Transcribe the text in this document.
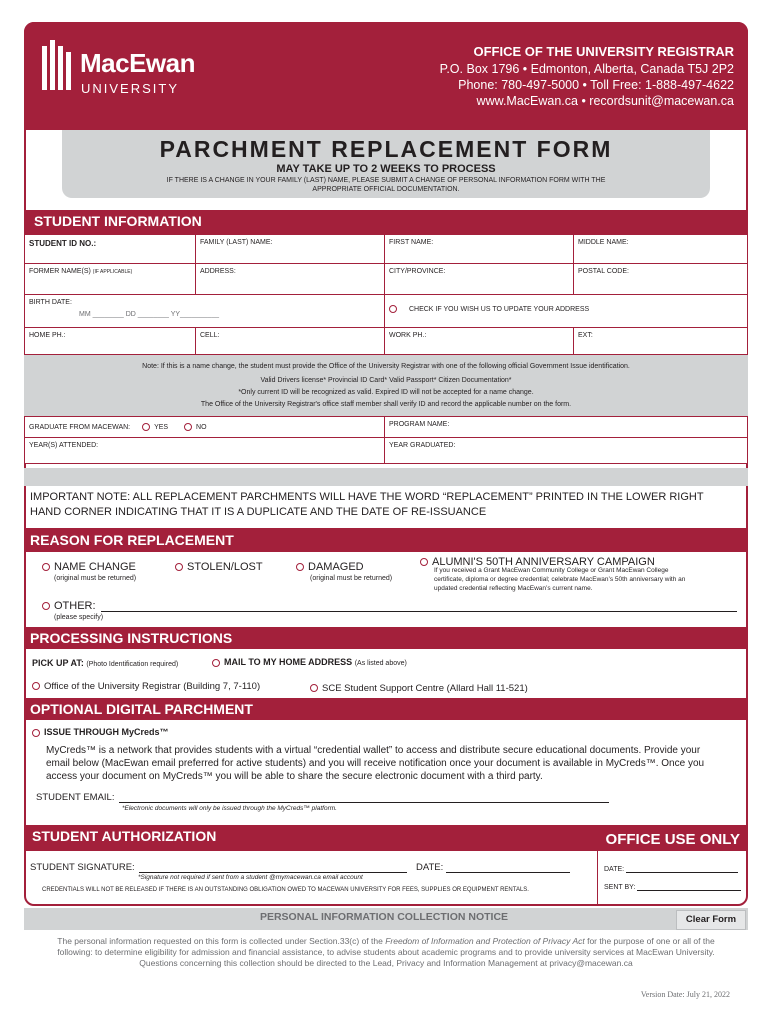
MacEwan
UNIVERSITY
OFFICE OF THE UNIVERSITY REGISTRAR
P.O. Box 1796 • Edmonton, Alberta, Canada T5J 2P2
Phone: 780-497-5000 • Toll Free: 1-888-497-4622
www.MacEwan.ca • recordsunit@macewan.ca
PARCHMENT REPLACEMENT FORM
MAY TAKE UP TO 2 WEEKS TO PROCESS
IF THERE IS A CHANGE IN YOUR FAMILY (LAST) NAME, PLEASE SUBMIT A CHANGE OF PERSONAL INFORMATION FORM WITH THE
APPROPRIATE OFFICIAL DOCUMENTATION.
STUDENT INFORMATION
STUDENT ID NO.:	FAMILY (LAST) NAME:	FIRST NAME:	MIDDLE NAME:
FORMER NAME(S) (IF APPLICABLE)	ADDRESS:	CITY/PROVINCE:	POSTAL CODE:
BIRTH DATE:
MM ________ DD ________ YY__________
CHECK IF YOU WISH US TO UPDATE YOUR ADDRESS
HOME PH.:	CELL:	WORK PH.:	EXT:
Note: If this is a name change, the student must provide the Office of the University Registrar with one of the following official Government Issue identification.
Valid Drivers license* Provincial ID Card* Valid Passport* Citizen Documentation*
*Only current ID will be recognized as valid. Expired ID will not be accepted for a name change.
The Office of the University Registrar's office staff member shall verify ID and record the applicable number on the form.
GRADUATE FROM MACEWAN:	YES	NO	PROGRAM NAME:
YEAR(S) ATTENDED:	YEAR GRADUATED:
IMPORTANT NOTE: ALL REPLACEMENT PARCHMENTS WILL HAVE THE WORD “REPLACEMENT” PRINTED IN THE LOWER RIGHT
HAND CORNER INDICATING THAT IT IS A DUPLICATE AND THE DATE OF RE-ISSUANCE
REASON FOR REPLACEMENT
NAME CHANGE
(original must be returned)
STOLEN/LOST	DAMAGED
(original must be returned)
ALUMNI'S 50TH ANNIVERSARY CAMPAIGN
If you received a Grant MacEwan Community College or Grant MacEwan College
certificate, diploma or degree credential; celebrate MacEwan’s 50th anniversary with an
updated credential reflecting MacEwan’s current name.
OTHER:
(please specify)
PROCESSING INSTRUCTIONS
PICK UP AT: (Photo Identification required)	MAIL TO MY HOME ADDRESS (As listed above)
Office of the University Registrar (Building 7, 7-110)	SCE Student Support Centre (Allard Hall 11-521)
OPTIONAL DIGITAL PARCHMENT
ISSUE THROUGH MyCreds™
MyCreds™ is a network that provides students with a virtual “credential wallet” to access and distribute secure educational documents. Provide your
email below (MacEwan email preferred for active students) and you will receive notification once your document is available in MyCreds™. Once you
access your document on MyCreds™ you will be able to share the secure electronic document with a third party.
STUDENT EMAIL:
*Electronic documents will only be issued through the MyCreds™ platform.
STUDENT AUTHORIZATION	OFFICE USE ONLY
STUDENT SIGNATURE:	DATE:
*Signature not required if sent from a student @mymacewan.ca email account
CREDENTIALS WILL NOT BE RELEASED IF THERE IS AN OUTSTANDING OBLIGATION OWED TO MACEWAN UNIVERSITY FOR FEES, SUPPLIES OR EQUIPMENT RENTALS.
DATE:
SENT BY:
PERSONAL INFORMATION COLLECTION NOTICE	Clear Form
The personal information requested on this form is collected under Section.33(c) of the Freedom of Information and Protection of Privacy Act for the purpose of one or all of the
following: to determine eligibility for admission and financial assistance, to advise students about academic programs and to provide university services at MacEwan University.
Questions concerning this collection should be directed to the Lead, Privacy and Information Management at privacy@macewan.ca
Version Date: July 21, 2022
